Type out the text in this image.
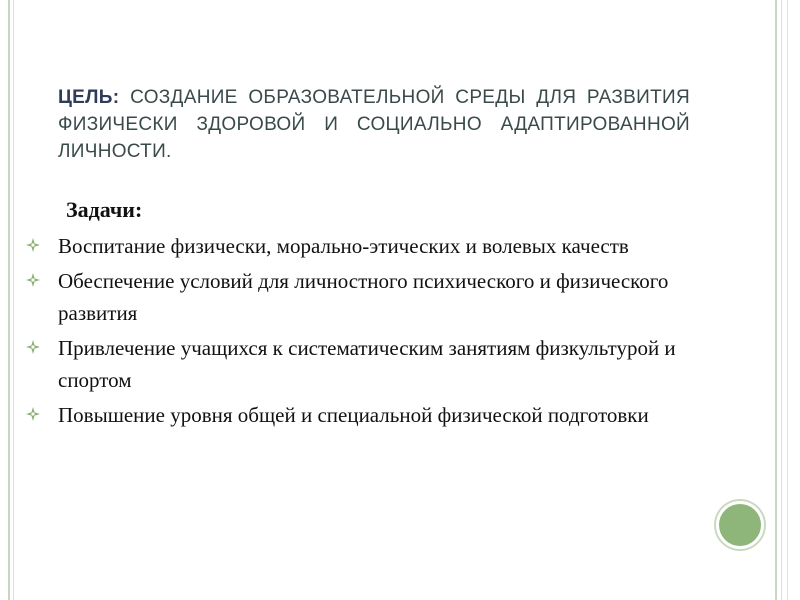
ЦЕЛЬ: СОЗДАНИЕ ОБРАЗОВАТЕЛЬНОЙ СРЕДЫ ДЛЯ РАЗВИТИЯ ФИЗИЧЕСКИ ЗДОРОВОЙ И СОЦИАЛЬНО АДАПТИРОВАННОЙ ЛИЧНОСТИ.
Задачи:
Воспитание физически, морально-этических и волевых качеств
Обеспечение условий для личностного психического и физического развития
Привлечение учащихся к систематическим занятиям физкультурой и спортом
Повышение уровня общей и специальной физической подготовки
